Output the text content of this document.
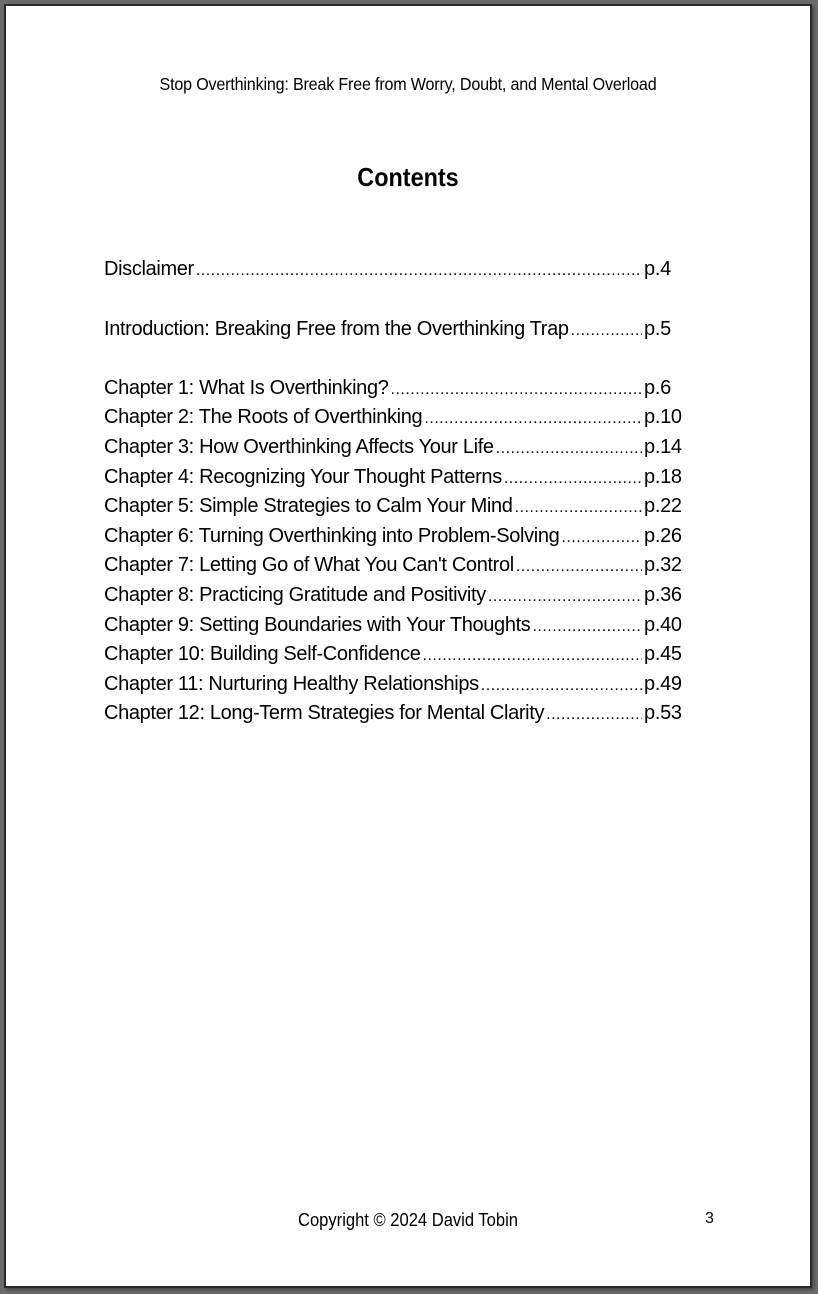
Stop Overthinking: Break Free from Worry, Doubt, and Mental Overload
Contents
Disclaimer .....	p.4
Introduction: Breaking Free from the Overthinking Trap .....	p.5
Chapter 1: What Is Overthinking? .....	p.6
Chapter 2: The Roots of Overthinking .....	p.10
Chapter 3: How Overthinking Affects Your Life .....	p.14
Chapter 4: Recognizing Your Thought Patterns .....	p.18
Chapter 5: Simple Strategies to Calm Your Mind .....	p.22
Chapter 6: Turning Overthinking into Problem-Solving .....	p.26
Chapter 7: Letting Go of What You Can't Control .....	p.32
Chapter 8: Practicing Gratitude and Positivity .....	p.36
Chapter 9: Setting Boundaries with Your Thoughts .....	p.40
Chapter 10: Building Self-Confidence .....	p.45
Chapter 11: Nurturing Healthy Relationships .....	p.49
Chapter 12: Long-Term Strategies for Mental Clarity .....	p.53
Copyright © 2024 David Tobin	3
